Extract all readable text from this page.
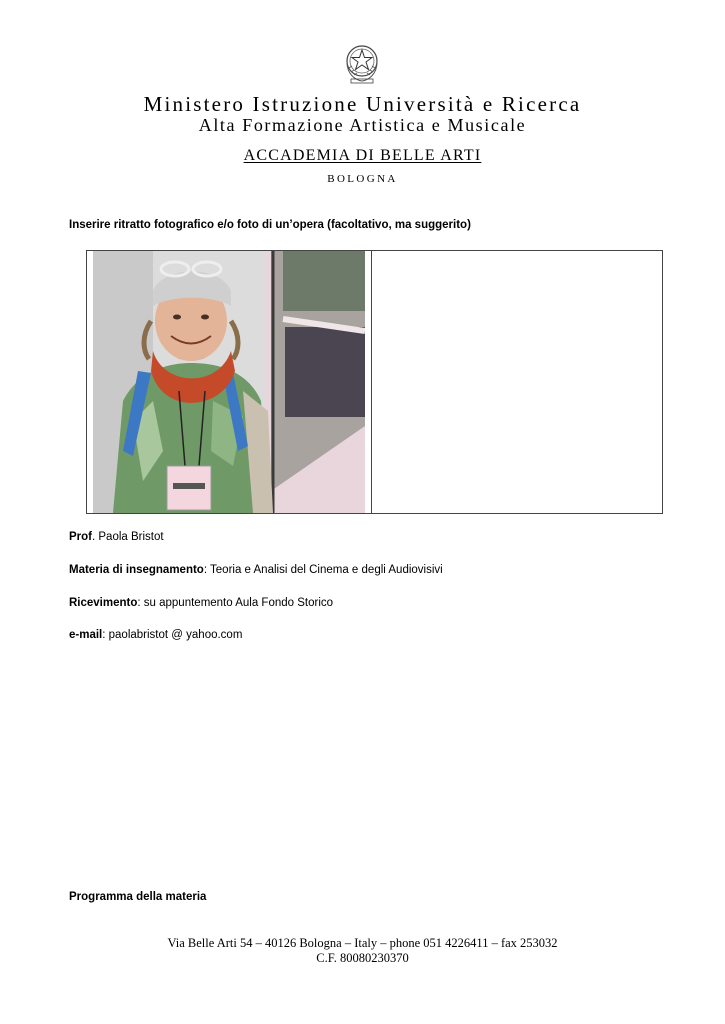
Ministero Istruzione Università e Ricerca
Alta Formazione Artistica e Musicale
ACCADEMIA DI BELLE ARTI
BOLOGNA
Inserire ritratto fotografico e/o foto di un’opera (facoltativo, ma suggerito)
Prof. Paola Bristot
Materia di insegnamento: Teoria e Analisi del Cinema e degli Audiovisivi
Ricevimento: su appuntemento Aula Fondo Storico
e-mail: paolabristot @ yahoo.com
Programma della materia
Via Belle Arti 54 – 40126 Bologna – Italy – phone 051 4226411 – fax 253032
C.F. 80080230370
